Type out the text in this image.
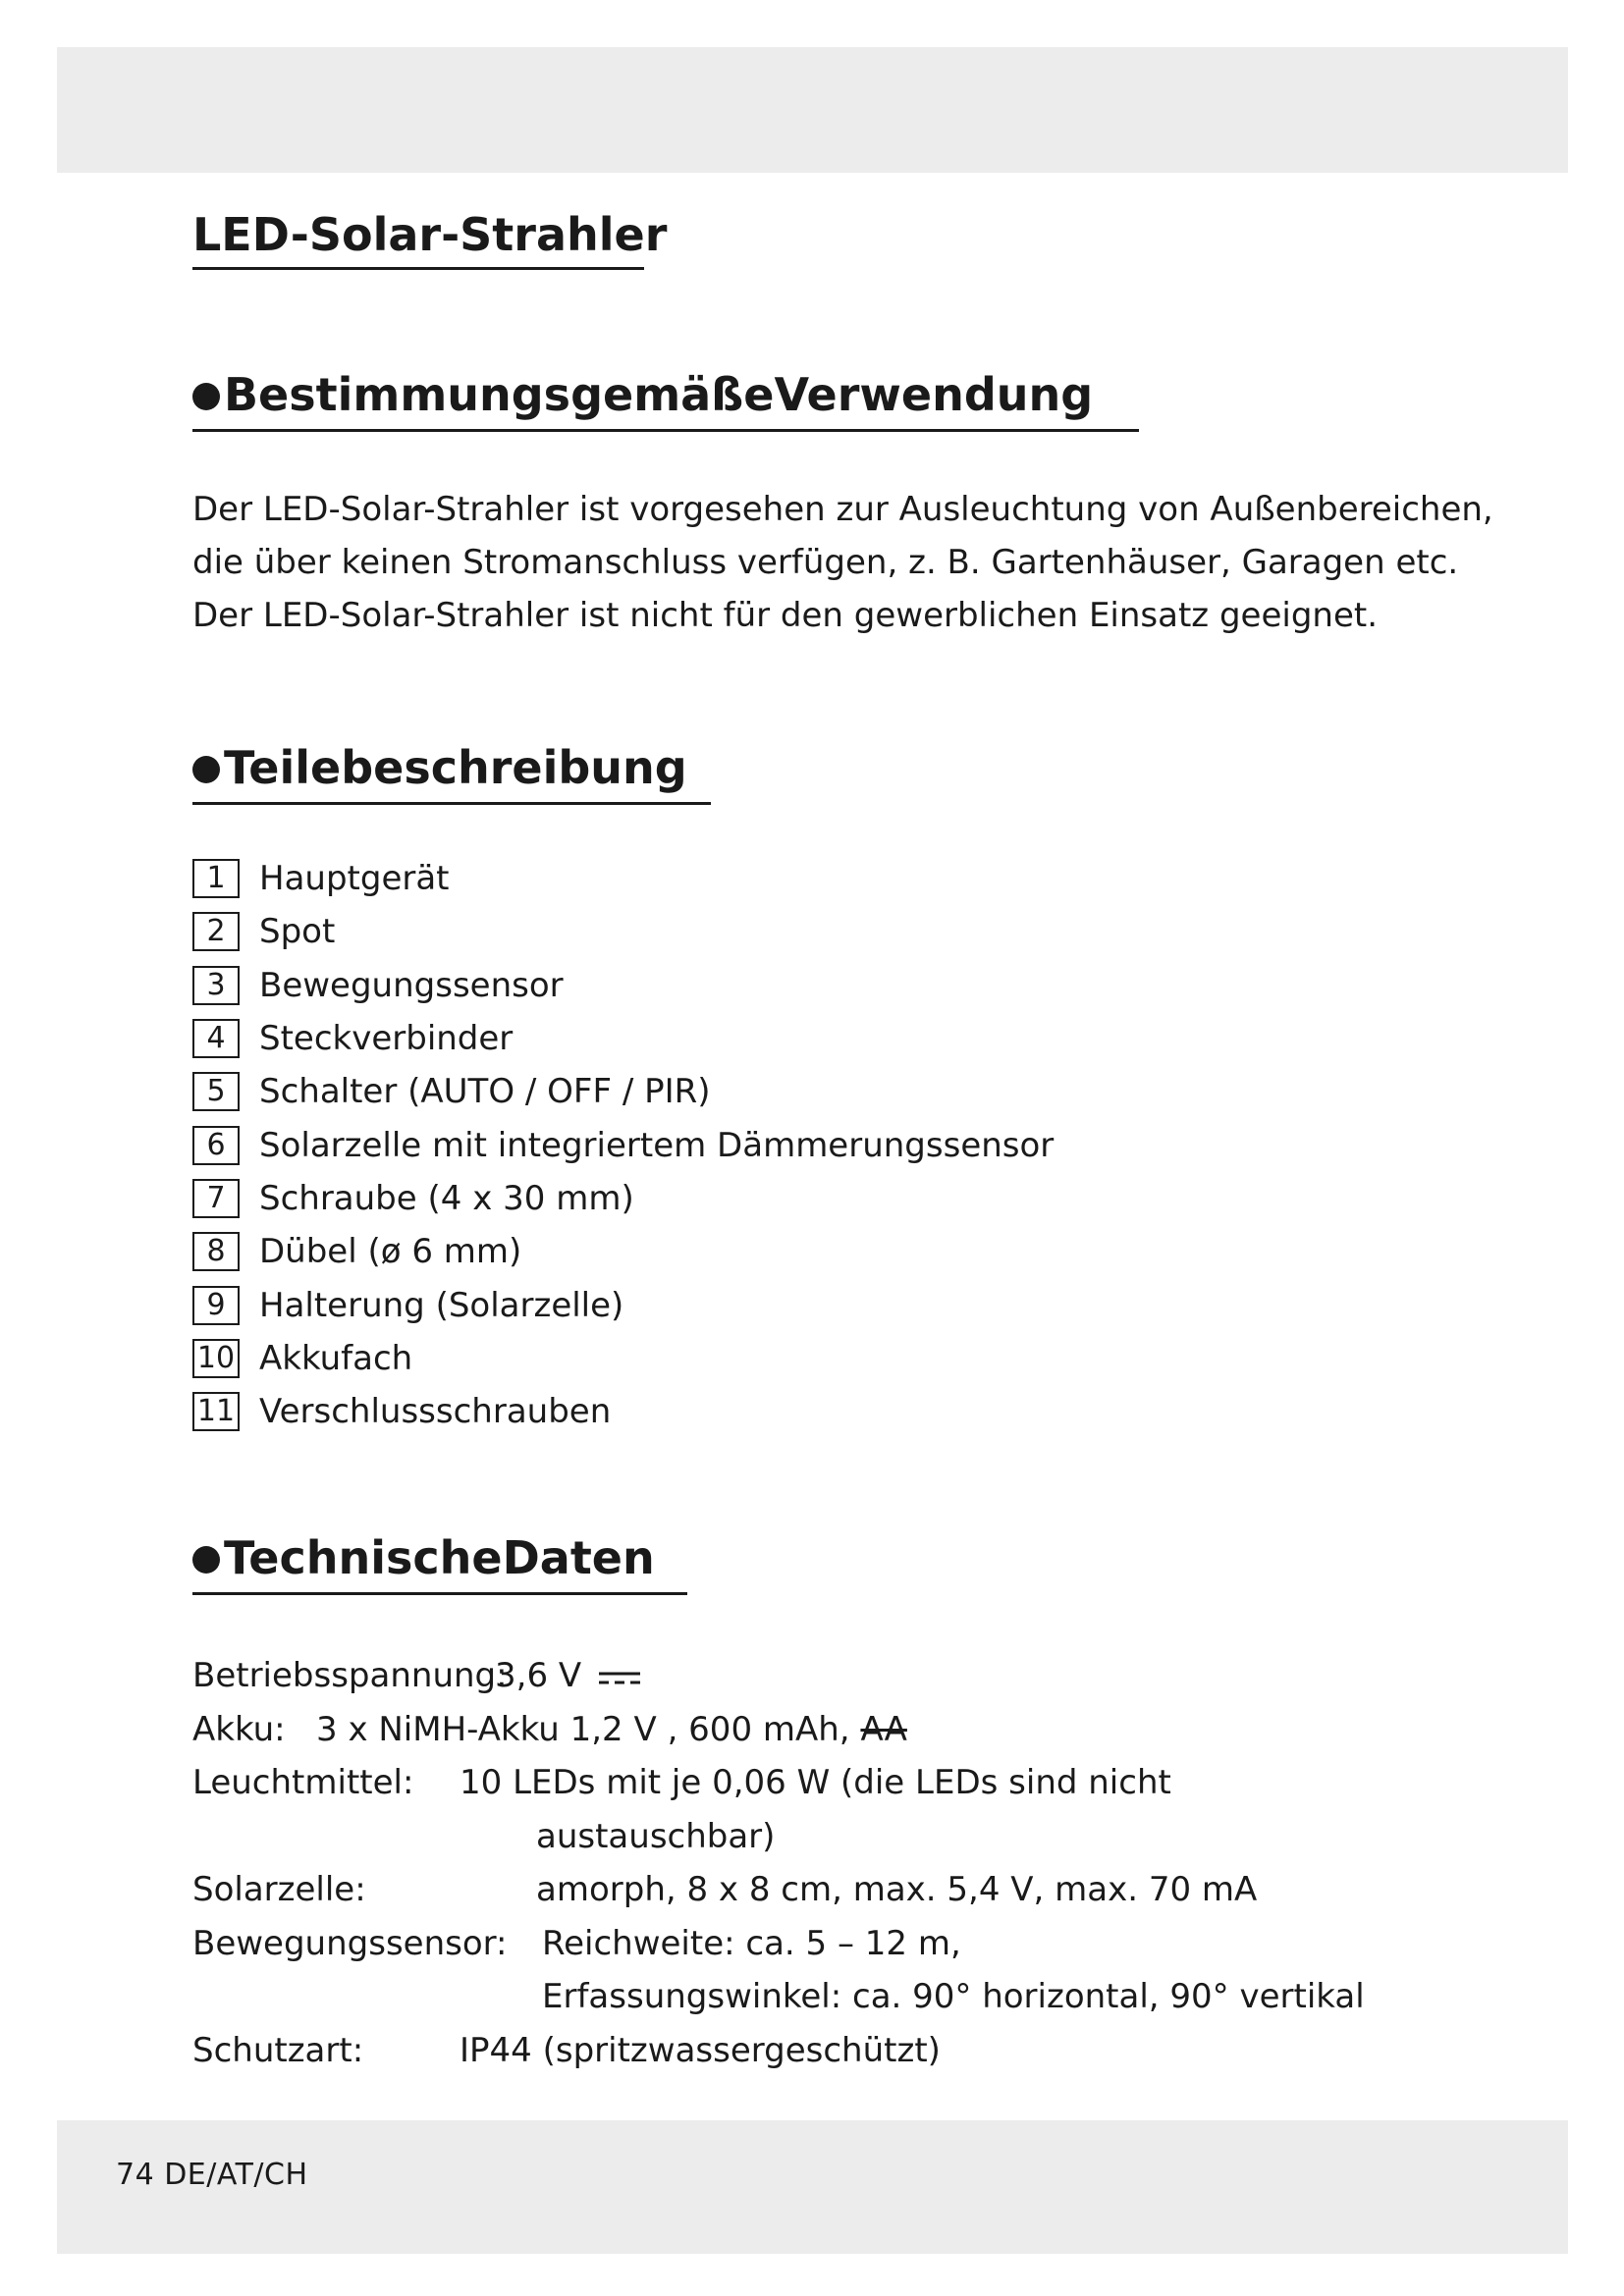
LED-Solar-Strahler
BestimmungsgemäßeVerwendung
Der LED-Solar-Strahler ist vorgesehen zur Ausleuchtung von Außenbereichen,
die über keinen Stromanschluss verfügen, z. B. Gartenhäuser, Garagen etc.
Der LED-Solar-Strahler ist nicht für den gewerblichen Einsatz geeignet.
Teilebeschreibung
1	Hauptgerät
2	Spot
3	Bewegungssensor
4	Steckverbinder
5	Schalter (AUTO / OFF / PIR)
6	Solarzelle mit integriertem Dämmerungssensor
7	Schraube (4 x 30 mm)
8	Dübel (ø 6 mm)
9	Halterung (Solarzelle)
10 Akkufach
11 Verschlussschrauben
TechnischeDaten
Betriebsspannung:
3,6 V
Akku: 3 x NiMH-Akku 1,2 V , 600 mAh, AA
Leuchtmittel: 10 LEDs mit je 0,06 W (die LEDs sind nicht
austauschbar)
Solarzelle:	amorph, 8 x 8 cm, max. 5,4 V, max. 70 mA
Bewegungssensor: Reichweite: ca. 5 – 12 m,
Erfassungswinkel: ca. 90° horizontal, 90° vertikal
Schutzart:	IP44 (spritzwassergeschützt)
74 DE/AT/CH
